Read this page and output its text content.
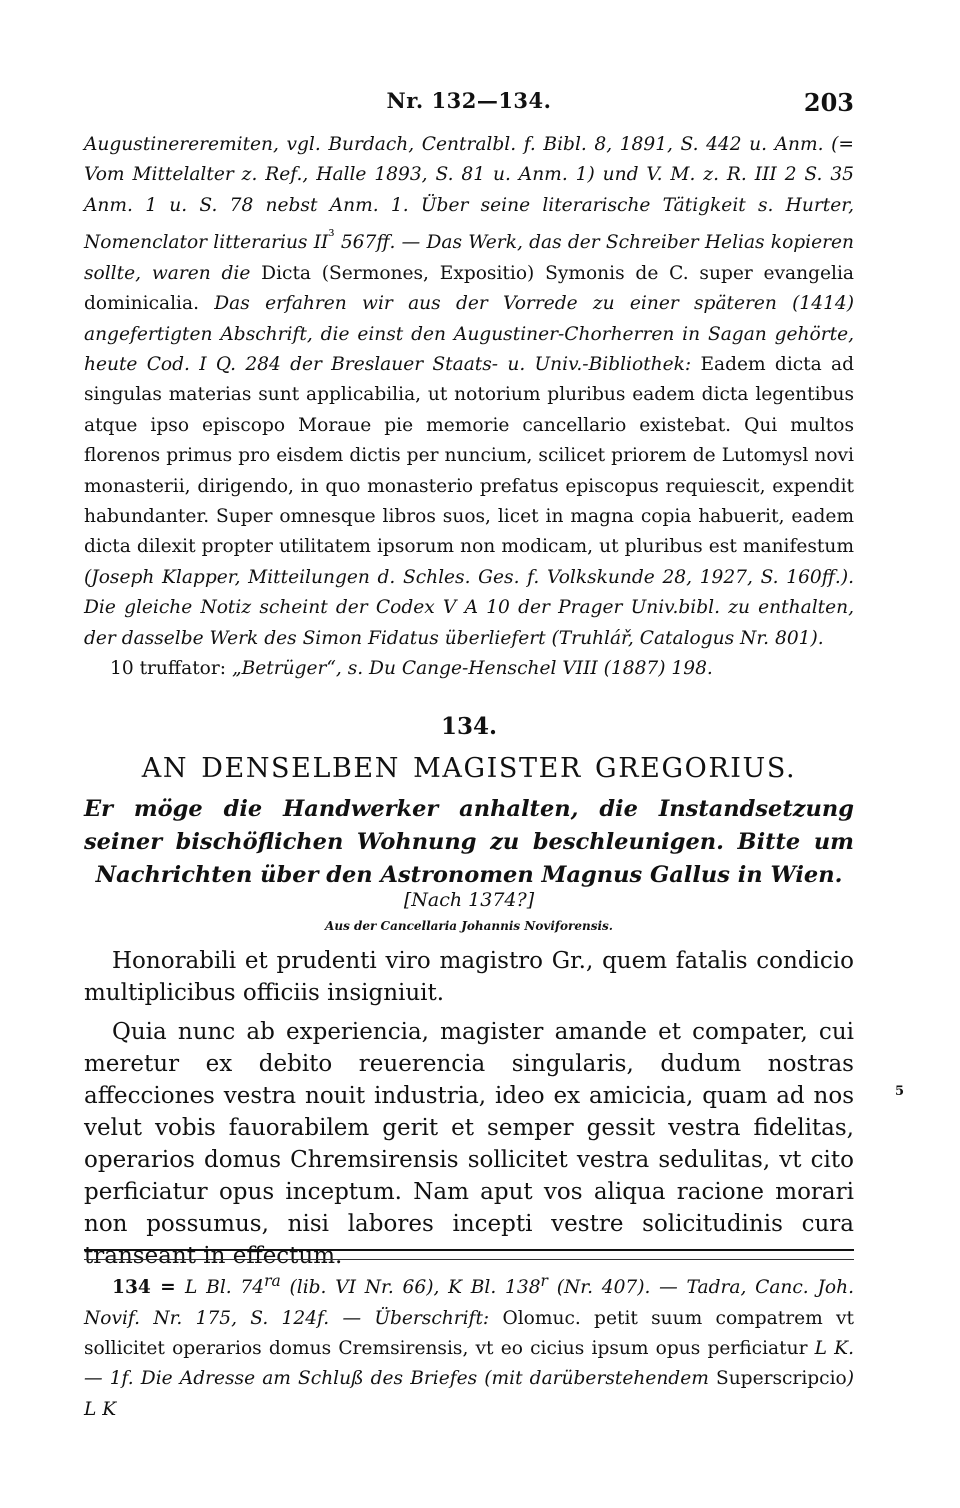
Nr. 132—134.	203

Augustinereremiten, vgl. Burdach, Centralbl. f. Bibl. 8, 1891, S. 442 u. Anm. (= Vom Mittelalter z. Ref., Halle 1893, S. 81 u. Anm. 1) und V. M. z. R. III 2 S. 35 Anm. 1 u. S. 78 nebst Anm. 1. Über seine literarische Tätigkeit s. Hurter, Nomenclator litterarius $II^{^3}$ 567ff. — Das Werk, das der Schreiber Helias kopieren sollte, waren die Dicta (Sermones, Expositio) Symonis de C. super evangelia dominicalia. Das erfahren wir aus der Vorrede zu einer späteren (1414) angefertigten Abschrift, die einst den Augustiner-Chorherren in Sagan gehörte, heute Cod. I Q. 284 der Breslauer Staats- u. Univ.-Bibliothek: Eadem dicta ad singulas materias sunt applicabilia, ut notorium pluribus eadem dicta legentibus atque ipso episcopo Moraue pie memorie cancellario existebat. Qui multos florenos primus pro eisdem dictis per nuncium, scilicet priorem de Lutomysl novi monasterii, dirigendo, in quo monasterio prefatus episcopus requiescit, expendit habundanter. Super omnesque libros suos, licet in magna copia habuerit, eadem dicta dilexit propter utilitatem ipsorum non modicam, ut pluribus est manifestum (Joseph Klapper, Mitteilungen d. Schles. Ges. f. Volkskunde 28, 1927, S. 160ff.). Die gleiche Notiz scheint der Codex V A 10 der Prager Univ.bibl. zu enthalten, der dasselbe Werk des Simon Fidatus überliefert (Truhlář, Catalogus Nr. 801).

10 truffator: „Betrüger“, s. Du Cange-Henschel VIII (1887) 198.

134.
AN DENSELBEN MAGISTER GREGORIUS.
Er möge die Handwerker anhalten, die Instandsetzung seiner bischöflichen Wohnung zu beschleunigen. Bitte um Nachrichten über den Astronomen Magnus Gallus in Wien.
[Nach 1374?]
Aus der Cancellaria Johannis Noviforensis.

Honorabili et prudenti viro magistro Gr., quem fatalis condicio multiplicibus officiis insigniuit.

Quia nunc ab experiencia, magister amande et compater, cui meretur ex debito reuerencia singularis, dudum nostras affecciones vestra nouit industria, ideo ex amicicia, quam ad nos velut vobis fauorabilem gerit et semper gessit vestra fidelitas, operarios domus Chremsirensis sollicitet vestra sedulitas, vt cito perficiatur opus inceptum. Nam aput vos aliqua racione morari non possumus, nisi labores incepti vestre solicitudinis cura transeant in effectum.

5

134 = L Bl. $74^{ra}$ (lib. VI Nr. 66), K Bl. 138$^r$ (Nr. 407). — Tadra, Canc. Joh. Novif. Nr. 175, S. 124f. — Überschrift: Olomuc. petit suum compatrem vt sollicitet operarios domus Cremsirensis, vt eo cicius ipsum opus perficiatur L K. — 1f. Die Adresse am Schluß des Briefes (mit darüberstehendem Superscripcio) L K
